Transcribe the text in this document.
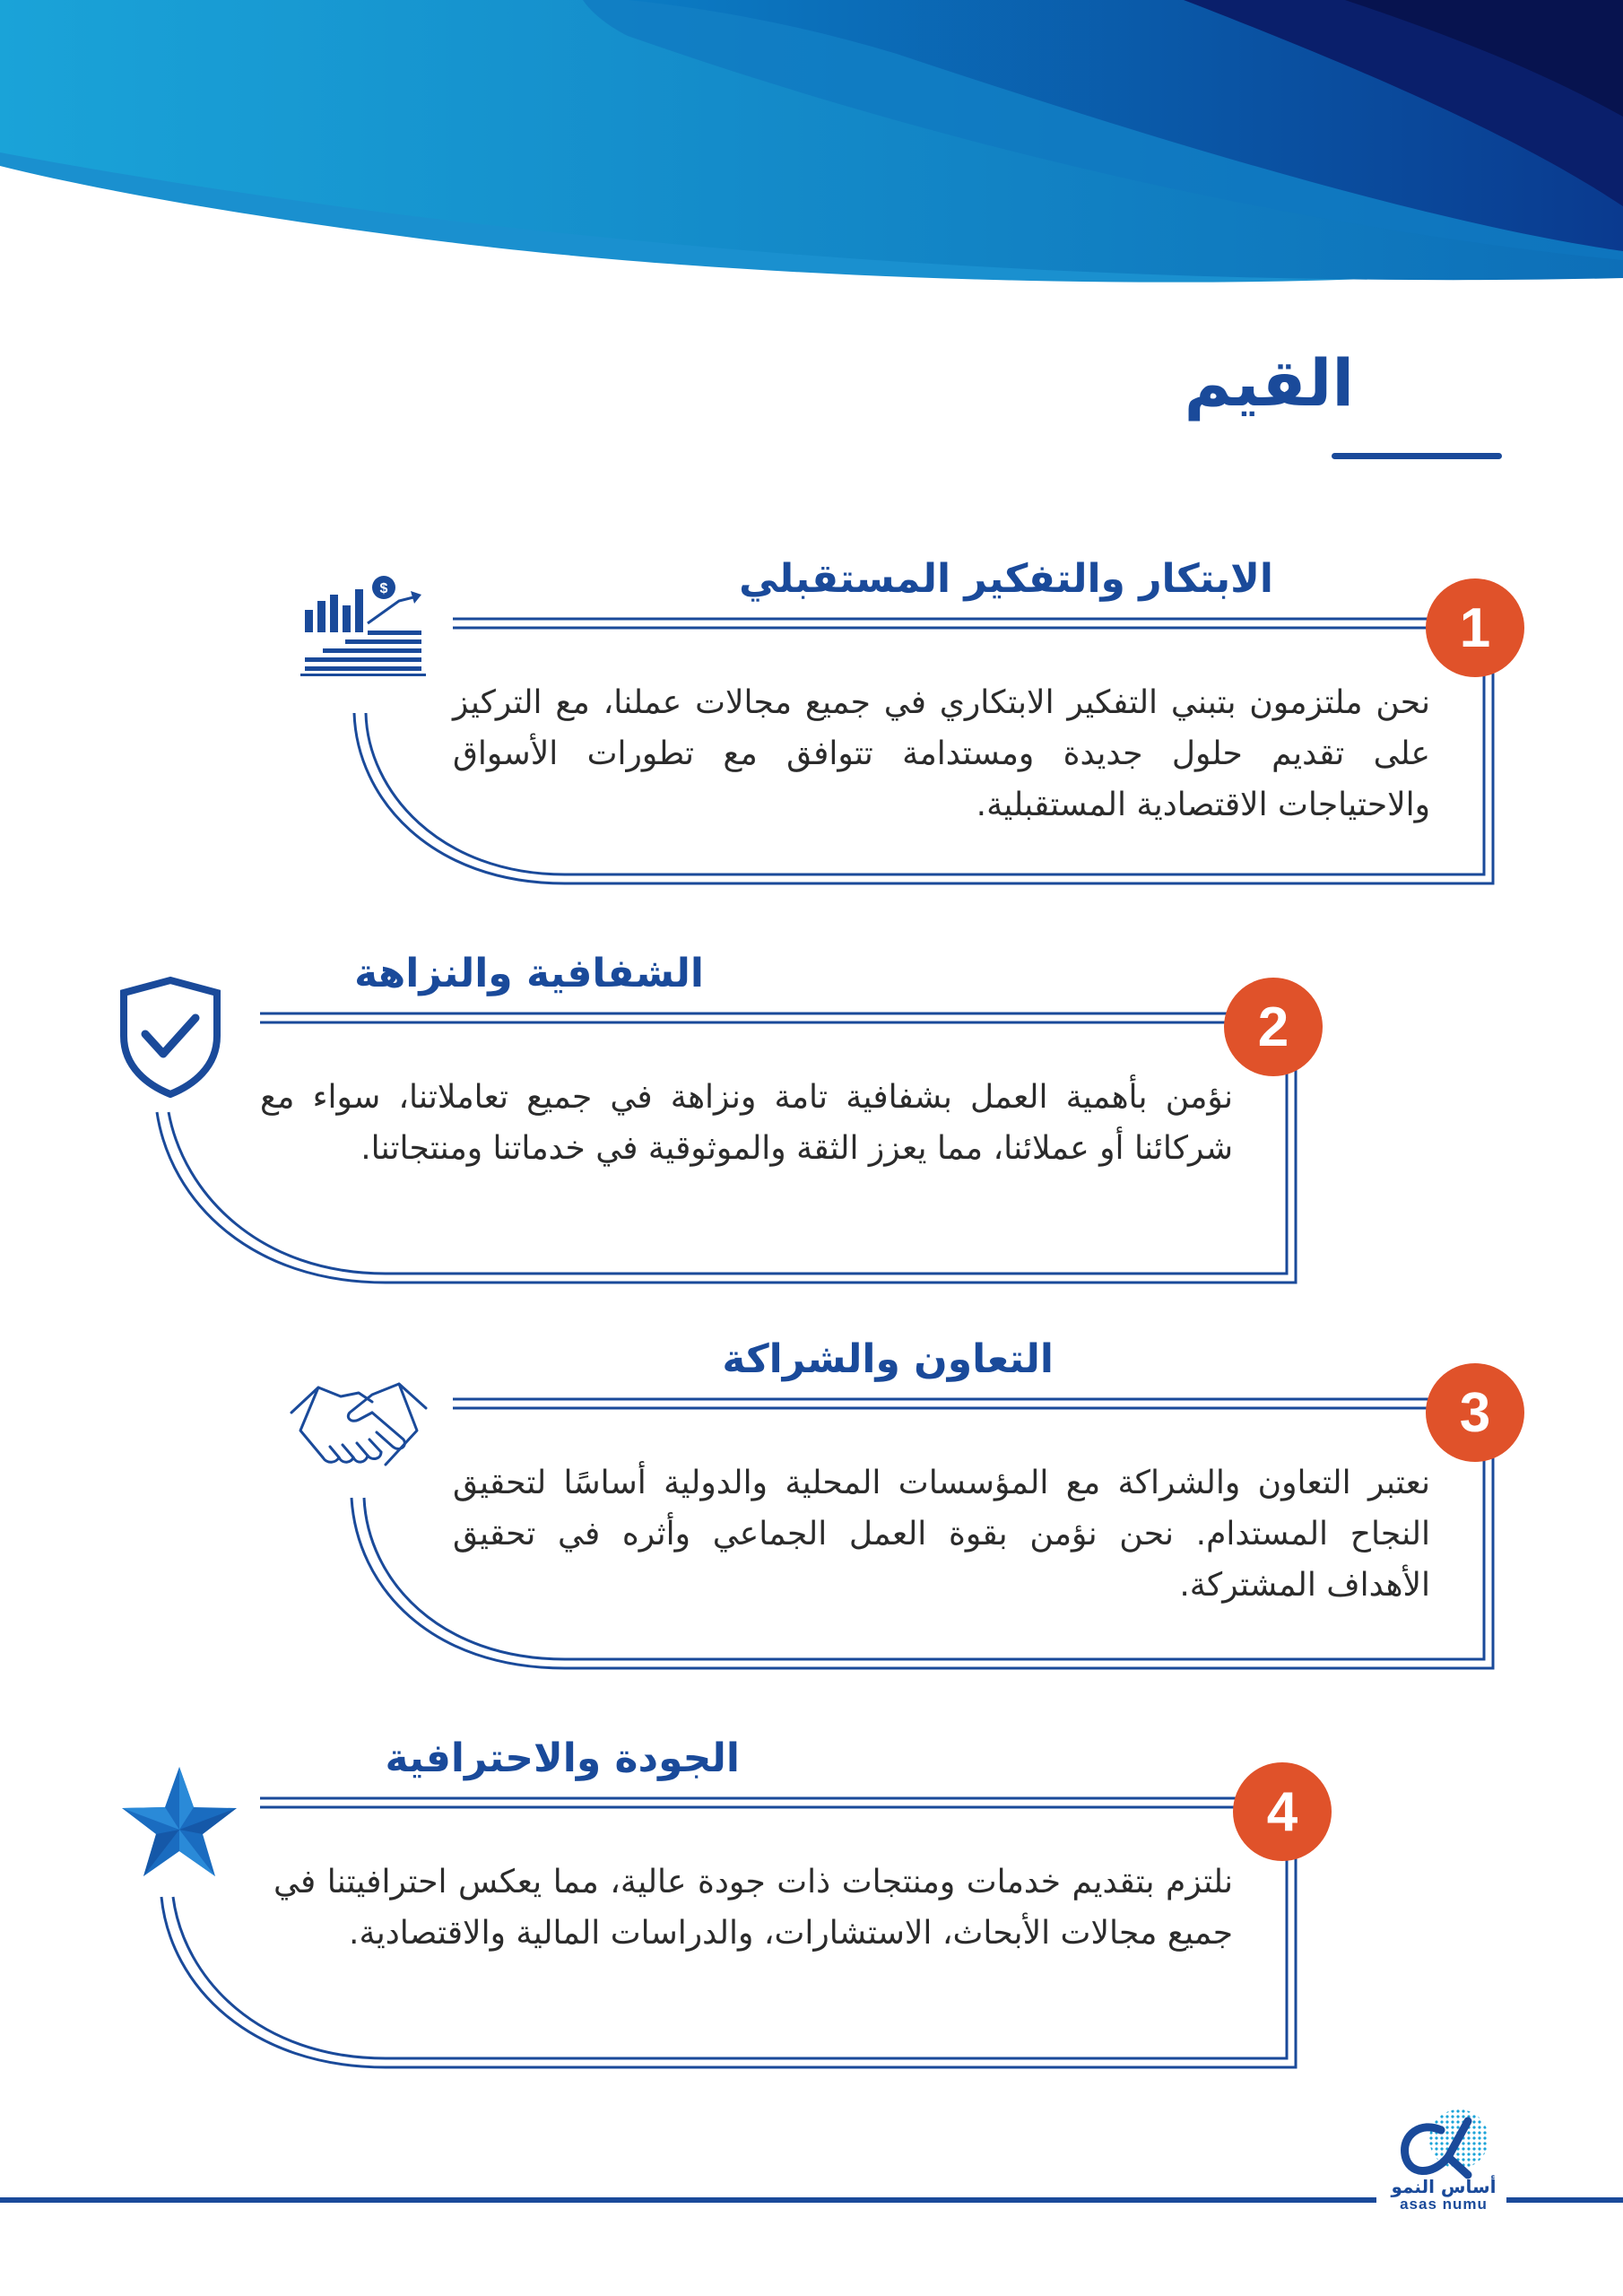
القيم
الابتكار والتفكير المستقبلي
نحن ملتزمون بتبني التفكير الابتكاري في جميع مجالات عملنا، مع التركيز على تقديم حلول جديدة ومستدامة تتوافق مع تطورات الأسواق والاحتياجات الاقتصادية المستقبلية.
1
$
الشفافية والنزاهة
نؤمن بأهمية العمل بشفافية تامة ونزاهة في جميع تعاملاتنا، سواء مع شركائنا أو عملائنا، مما يعزز الثقة والموثوقية في خدماتنا ومنتجاتنا.
2
التعاون والشراكة
نعتبر التعاون والشراكة مع المؤسسات المحلية والدولية أساسًا لتحقيق النجاح المستدام. نحن نؤمن بقوة العمل الجماعي وأثره في تحقيق الأهداف المشتركة.
3
الجودة والاحترافية
نلتزم بتقديم خدمات ومنتجات ذات جودة عالية، مما يعكس احترافيتنا في جميع مجالات الأبحاث، الاستشارات، والدراسات المالية والاقتصادية.
4
أساس النمو
asas numu
